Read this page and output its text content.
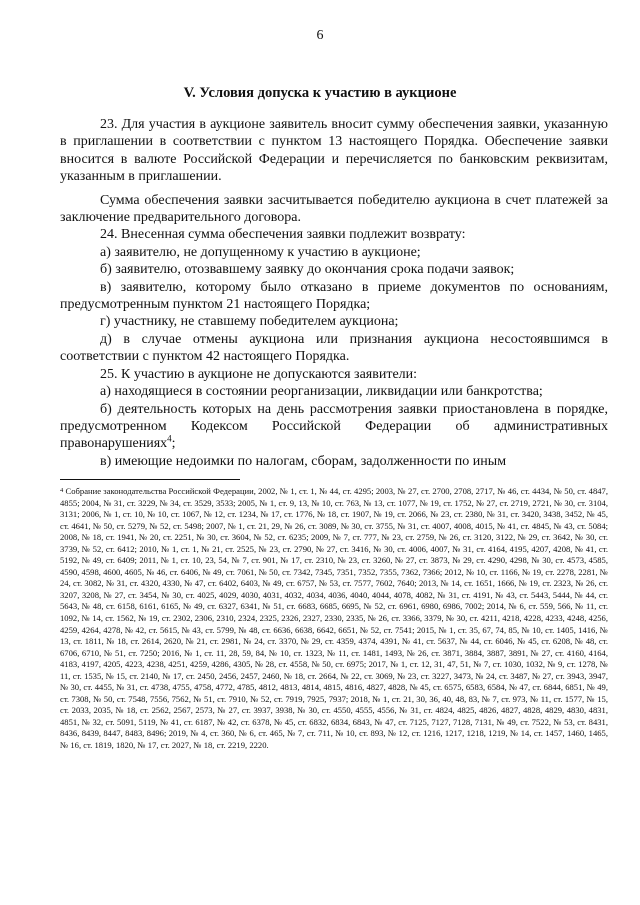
6
V. Условия допуска к участию в аукционе

23. Для участия в аукционе заявитель вносит сумму обеспечения заявки, указанную в приглашении в соответствии с пунктом 13 настоящего Порядка. Обеспечение заявки вносится в валюте Российской Федерации и перечисляется по банковским реквизитам, указанным в приглашении.

Сумма обеспечения заявки засчитывается победителю аукциона в счет платежей за заключение предварительного договора.

24. Внесенная сумма обеспечения заявки подлежит возврату:

а) заявителю, не допущенному к участию в аукционе;

б) заявителю, отозвавшему заявку до окончания срока подачи заявок;

в) заявителю, которому было отказано в приеме документов по основаниям, предусмотренным пунктом 21 настоящего Порядка;

г) участнику, не ставшему победителем аукциона;

д) в случае отмены аукциона или признания аукциона несостоявшимся в соответствии с пунктом 42 настоящего Порядка.

25. К участию в аукционе не допускаются заявители:

а) находящиеся в состоянии реорганизации, ликвидации или банкротства;

б) деятельность которых на день рассмотрения заявки приостановлена в порядке, предусмотренном Кодексом Российской Федерации об административных правонарушениях$^4$;

в) имеющие недоимки по налогам, сборам, задолженности по иным

$^4$ Собрание законодательства Российской Федерации, 2002, № 1, ст. 1, № 44, ст. 4295; 2003, № 27, ст. 2700, 2708, 2717, № 46, ст. 4434, № 50, ст. 4847, 4855; 2004, № 31, ст. 3229, № 34, ст. 3529, 3533; 2005, № 1, ст. 9, 13, № 10, ст. 763, № 13, ст. 1077, № 19, ст. 1752, № 27, ст. 2719, 2721, № 30, ст. 3104, 3131; 2006, № 1, ст. 10, № 10, ст. 1067, № 12, ст. 1234, № 17, ст. 1776, № 18, ст. 1907, № 19, ст. 2066, № 23, ст. 2380, № 31, ст. 3420, 3438, 3452, № 45, ст. 4641, № 50, ст. 5279, № 52, ст. 5498; 2007, № 1, ст. 21, 29, № 26, ст. 3089, № 30, ст. 3755, № 31, ст. 4007, 4008, 4015, № 41, ст. 4845, № 43, ст. 5084; 2008, № 18, ст. 1941, № 20, ст. 2251, № 30, ст. 3604, № 52, ст. 6235; 2009, № 7, ст. 777, № 23, ст. 2759, № 26, ст. 3120, 3122, № 29, ст. 3642, № 30, ст. 3739, № 52, ст. 6412; 2010, № 1, ст. 1, № 21, ст. 2525, № 23, ст. 2790, № 27, ст. 3416, № 30, ст. 4006, 4007, № 31, ст. 4164, 4195, 4207, 4208, № 41, ст. 5192, № 49, ст. 6409; 2011, № 1, ст. 10, 23, 54, № 7, ст. 901, № 17, ст. 2310, № 23, ст. 3260, № 27, ст. 3873, № 29, ст. 4290, 4298, № 30, ст. 4573, 4585, 4590, 4598, 4600, 4605, № 46, ст. 6406, № 49, ст. 7061, № 50, ст. 7342, 7345, 7351, 7352, 7355, 7362, 7366; 2012, № 10, ст. 1166, № 19, ст. 2278, 2281, № 24, ст. 3082, № 31, ст. 4320, 4330, № 47, ст. 6402, 6403, № 49, ст. 6757, № 53, ст. 7577, 7602, 7640; 2013, № 14, ст. 1651, 1666, № 19, ст. 2323, № 26, ст. 3207, 3208, № 27, ст. 3454, № 30, ст. 4025, 4029, 4030, 4031, 4032, 4034, 4036, 4040, 4044, 4078, 4082, № 31, ст. 4191, № 43, ст. 5443, 5444, № 44, ст. 5643, № 48, ст. 6158, 6161, 6165, № 49, ст. 6327, 6341, № 51, ст. 6683, 6685, 6695, № 52, ст. 6961, 6980, 6986, 7002; 2014, № 6, ст. 559, 566, № 11, ст. 1092, № 14, ст. 1562, № 19, ст. 2302, 2306, 2310, 2324, 2325, 2326, 2327, 2330, 2335, № 26, ст. 3366, 3379, № 30, ст. 4211, 4218, 4228, 4233, 4248, 4256, 4259, 4264, 4278, № 42, ст. 5615, № 43, ст. 5799, № 48, ст. 6636, 6638, 6642, 6651, № 52, ст. 7541; 2015, № 1, ст. 35, 67, 74, 85, № 10, ст. 1405, 1416, № 13, ст. 1811, № 18, ст. 2614, 2620, № 21, ст. 2981, № 24, ст. 3370, № 29, ст. 4359, 4374, 4391, № 41, ст. 5637, № 44, ст. 6046, № 45, ст. 6208, № 48, ст. 6706, 6710, № 51, ст. 7250; 2016, № 1, ст. 11, 28, 59, 84, № 10, ст. 1323, № 11, ст. 1481, 1493, № 26, ст. 3871, 3884, 3887, 3891, № 27, ст. 4160, 4164, 4183, 4197, 4205, 4223, 4238, 4251, 4259, 4286, 4305, № 28, ст. 4558, № 50, ст. 6975; 2017, № 1, ст. 12, 31, 47, 51, № 7, ст. 1030, 1032, № 9, ст. 1278, № 11, ст. 1535, № 15, ст. 2140, № 17, ст. 2450, 2456, 2457, 2460, № 18, ст. 2664, № 22, ст. 3069, № 23, ст. 3227, 3473, № 24, ст. 3487, № 27, ст. 3943, 3947, № 30, ст. 4455, № 31, ст. 4738, 4755, 4758, 4772, 4785, 4812, 4813, 4814, 4815, 4816, 4827, 4828, № 45, ст. 6575, 6583, 6584, № 47, ст. 6844, 6851, № 49, ст. 7308, № 50, ст. 7548, 7556, 7562, № 51, ст. 7910, № 52, ст. 7919, 7925, 7937; 2018, № 1, ст. 21, 30, 36, 40, 48, 83, № 7, ст. 973, № 11, ст. 1577, № 15, ст. 2033, 2035, № 18, ст. 2562, 2567, 2573, № 27, ст. 3937, 3938, № 30, ст. 4550, 4555, 4556, № 31, ст. 4824, 4825, 4826, 4827, 4828, 4829, 4830, 4831, 4851, № 32, ст. 5091, 5119, № 41, ст. 6187, № 42, ст. 6378, № 45, ст. 6832, 6834, 6843, № 47, ст. 7125, 7127, 7128, 7131, № 49, ст. 7522, № 53, ст. 8431, 8436, 8439, 8447, 8483, 8496; 2019, № 4, ст. 360, № 6, ст. 465, № 7, ст. 711, № 10, ст. 893, № 12, ст. 1216, 1217, 1218, 1219, № 14, ст. 1457, 1460, 1465, № 16, ст. 1819, 1820, № 17, ст. 2027, № 18, ст. 2219, 2220.
